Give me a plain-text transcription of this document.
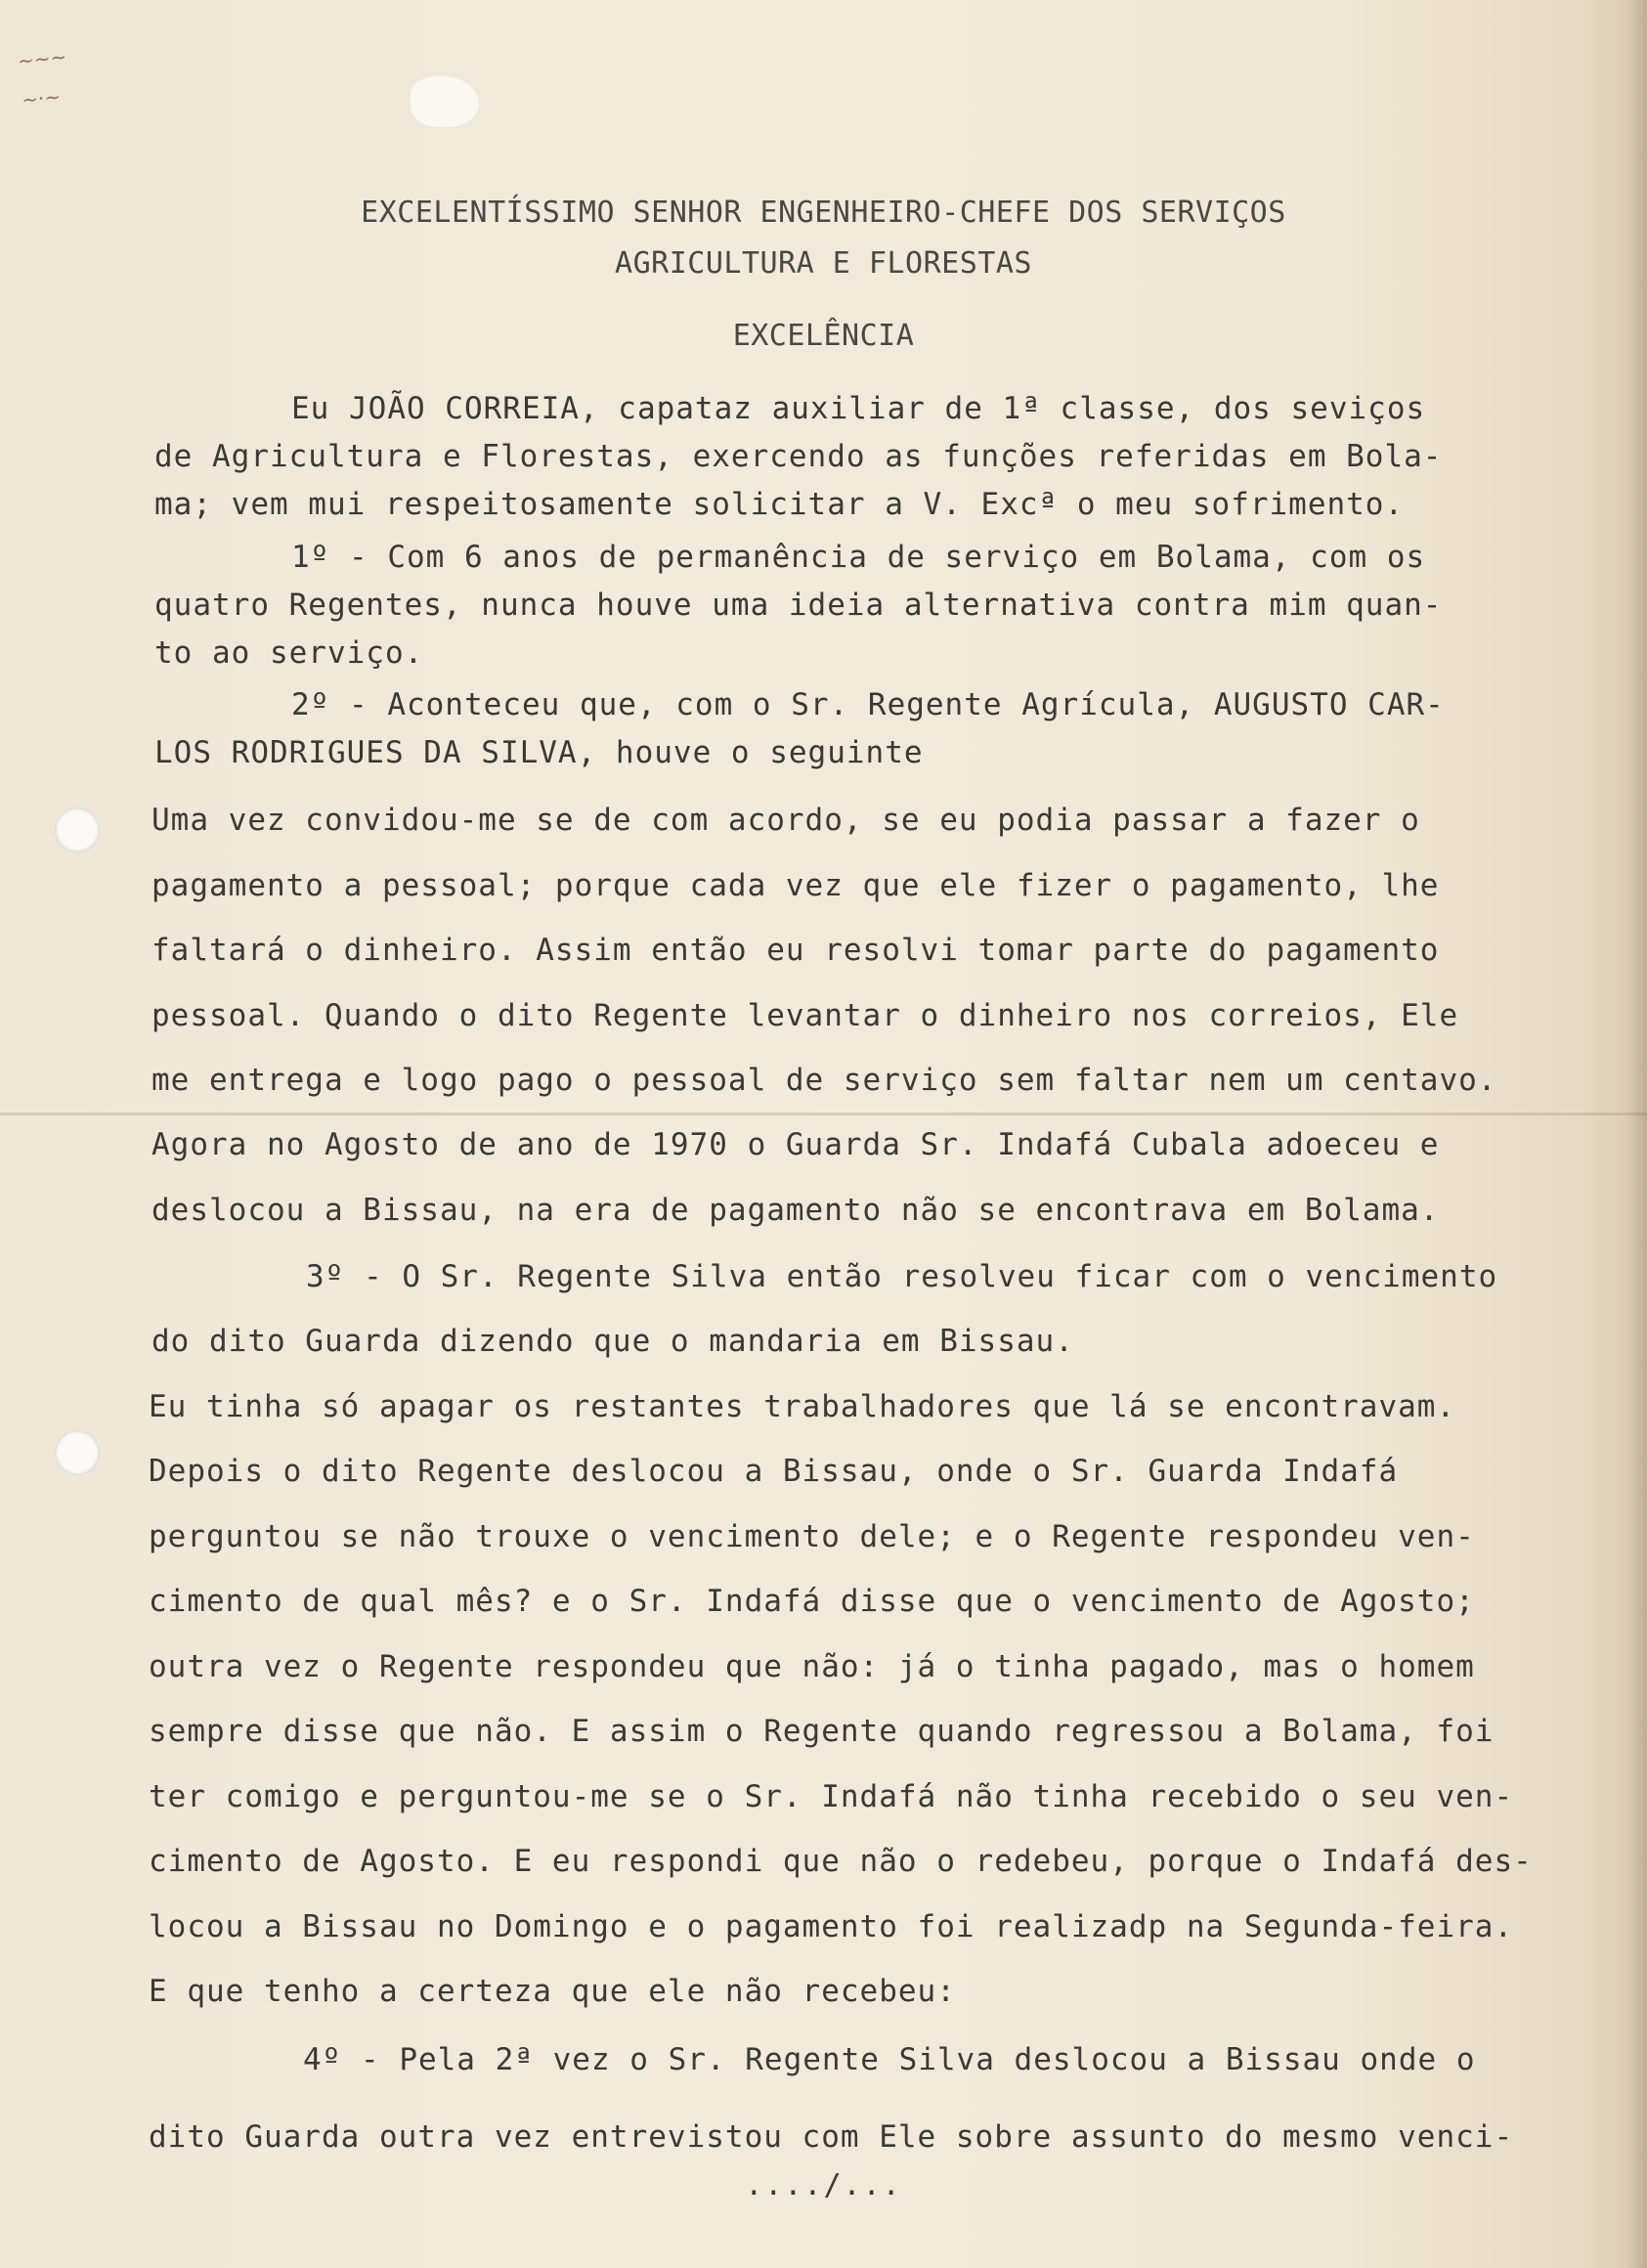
~~~
~·~
EXCELENTÍSSIMO SENHOR ENGENHEIRO-CHEFE DOS SERVIÇOS
AGRICULTURA E FLORESTAS
EXCELÊNCIA
Eu JOÃO CORREIA, capataz auxiliar de 1ª classe, dos seviços
de Agricultura e Florestas, exercendo as funções referidas em Bola-
ma; vem mui respeitosamente solicitar a V. Excª o meu sofrimento.
1º - Com 6 anos de permanência de serviço em Bolama, com os
quatro Regentes, nunca houve uma ideia alternativa contra mim quan-
to ao serviço.
2º - Aconteceu que, com o Sr. Regente Agrícula, AUGUSTO CAR-
LOS RODRIGUES DA SILVA, houve o seguinte
Uma vez convidou-me se de com acordo, se eu podia passar a fazer o
pagamento a pessoal; porque cada vez que ele fizer o pagamento, lhe
faltará o dinheiro. Assim então eu resolvi tomar parte do pagamento
pessoal. Quando o dito Regente levantar o dinheiro nos correios, Ele
me entrega e logo pago o pessoal de serviço sem faltar nem um centavo.
Agora no Agosto de ano de 1970 o Guarda Sr. Indafá Cubala adoeceu e
deslocou a Bissau, na era de pagamento não se encontrava em Bolama.
3º - O Sr. Regente Silva então resolveu ficar com o vencimento
do dito Guarda dizendo que o mandaria em Bissau.
Eu tinha só apagar os restantes trabalhadores que lá se encontravam.
Depois o dito Regente deslocou a Bissau, onde o Sr. Guarda Indafá
perguntou se não trouxe o vencimento dele; e o Regente respondeu ven-
cimento de qual mês? e o Sr. Indafá disse que o vencimento de Agosto;
outra vez o Regente respondeu que não: já o tinha pagado, mas o homem
sempre disse que não. E assim o Regente quando regressou a Bolama, foi
ter comigo e perguntou-me se o Sr. Indafá não tinha recebido o seu ven-
cimento de Agosto. E eu respondi que não o redebeu, porque o Indafá des-
locou a Bissau no Domingo e o pagamento foi realizadp na Segunda-feira.
E que tenho a certeza que ele não recebeu:
4º - Pela 2ª vez o Sr. Regente Silva deslocou a Bissau onde o
dito Guarda outra vez entrevistou com Ele sobre assunto do mesmo venci-
..../...
